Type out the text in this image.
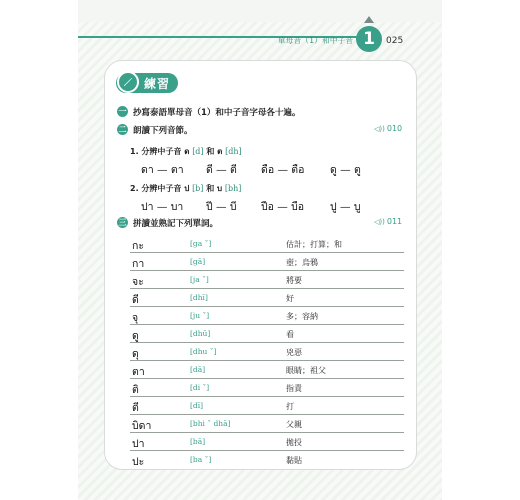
單母音（1）和中子音 1	025
練習
一 抄寫泰語單母音（1）和中子音字母各十遍。
二 朗讀下列音節。	◁)) 010
1. 分辨中子音 ด [d] 和 ต [dh]
ดา — ตา ดี — ตี ดือ — ตือ ดู — ตู
2. 分辨中子音 ป [b] 和 บ [bh]
ปา — บา ปี — บี ปือ — บือ ปู — บู
三 拼讀並熟記下列單詞。	◁)) 011
กะ	[ga ˇ]	估計；打算；和
กา	[gā]	壺；烏鴉
จะ	[ja ˇ]	將要
ดี	[dhī]	好
จุ	[ju ˇ]	多；容納
ดู	[dhū]	看
ดุ	[dhu ˇ]	兇惡
ตา	[dā]	眼睛；祖父
ติ	[di ˇ]	指責
ตี	[dī]	打
บิดา	[bhi ˇ dhā]	父親
ปา	[bā]	拋投
ปะ	[ba ˇ]	黏貼
